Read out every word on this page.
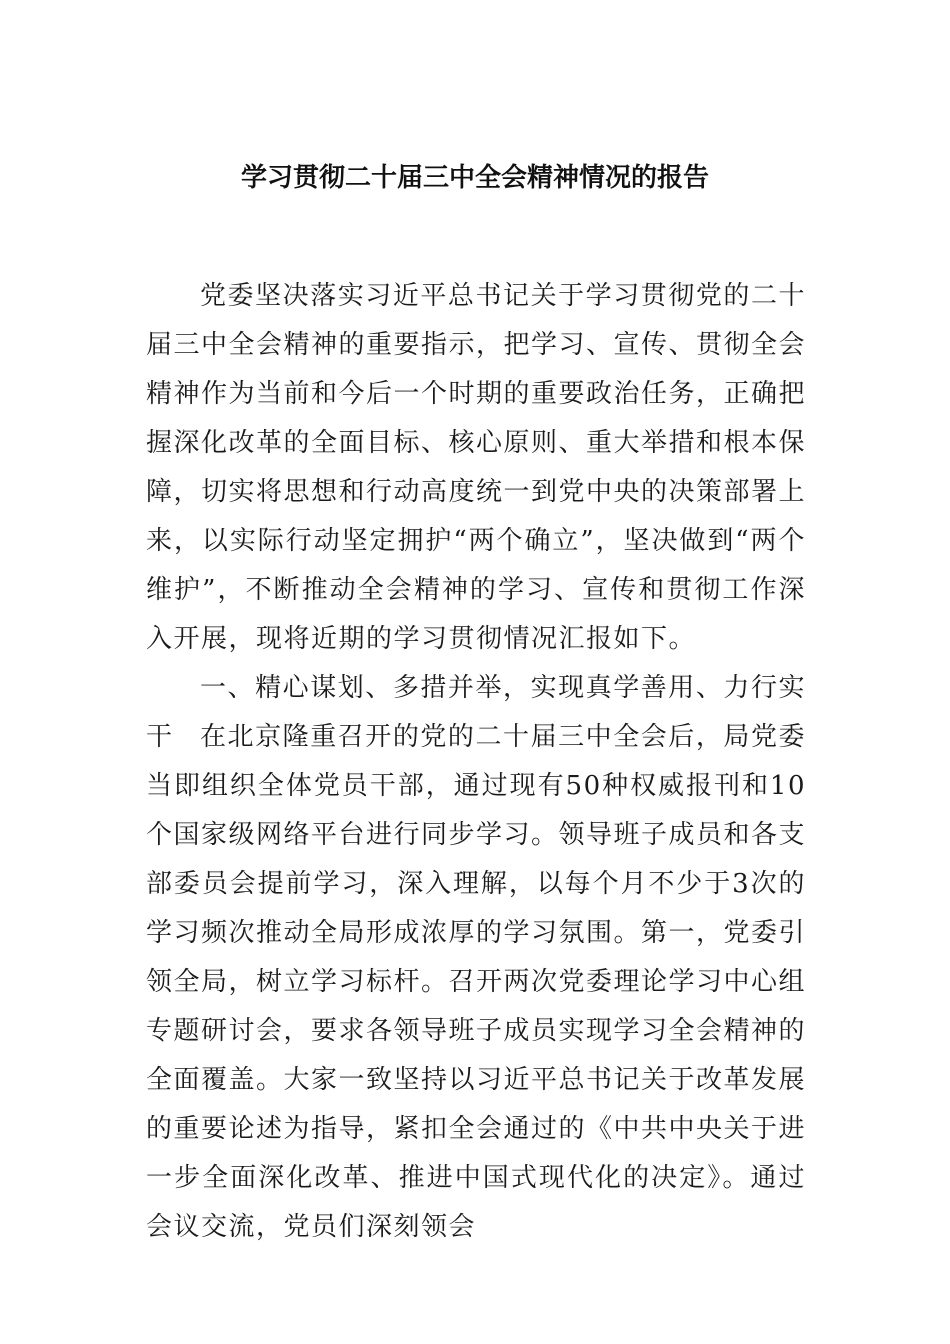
学习贯彻二十届三中全会精神情况的报告

党委坚决落实习近平总书记关于学习贯彻党的二十届三中全会精神的重要指示，把学习、宣传、贯彻全会精神作为当前和今后一个时期的重要政治任务，正确把握深化改革的全面目标、核心原则、重大举措和根本保障，切实将思想和行动高度统一到党中央的决策部署上来，以实际行动坚定拥护“两个确立”，坚决做到“两个维护”，不断推动全会精神的学习、宣传和贯彻工作深入开展，现将近期的学习贯彻情况汇报如下。

一、精心谋划、多措并举，实现真学善用、力行实干	在北京隆重召开的党的二十届三中全会后，局党委当即组织全体党员干部，通过现有50种权威报刊和10个国家级网络平台进行同步学习。领导班子成员和各支部委员会提前学习，深入理解，以每个月不少于3次的学习频次推动全局形成浓厚的学习氛围。第一，党委引领全局，树立学习标杆。召开两次党委理论学习中心组专题研讨会，要求各领导班子成员实现学习全会精神的全面覆盖。大家一致坚持以习近平总书记关于改革发展的重要论述为指导，紧扣全会通过的《中共中央关于进一步全面深化改革、推进中国式现代化的决定》。通过会议交流，党员们深刻领会
